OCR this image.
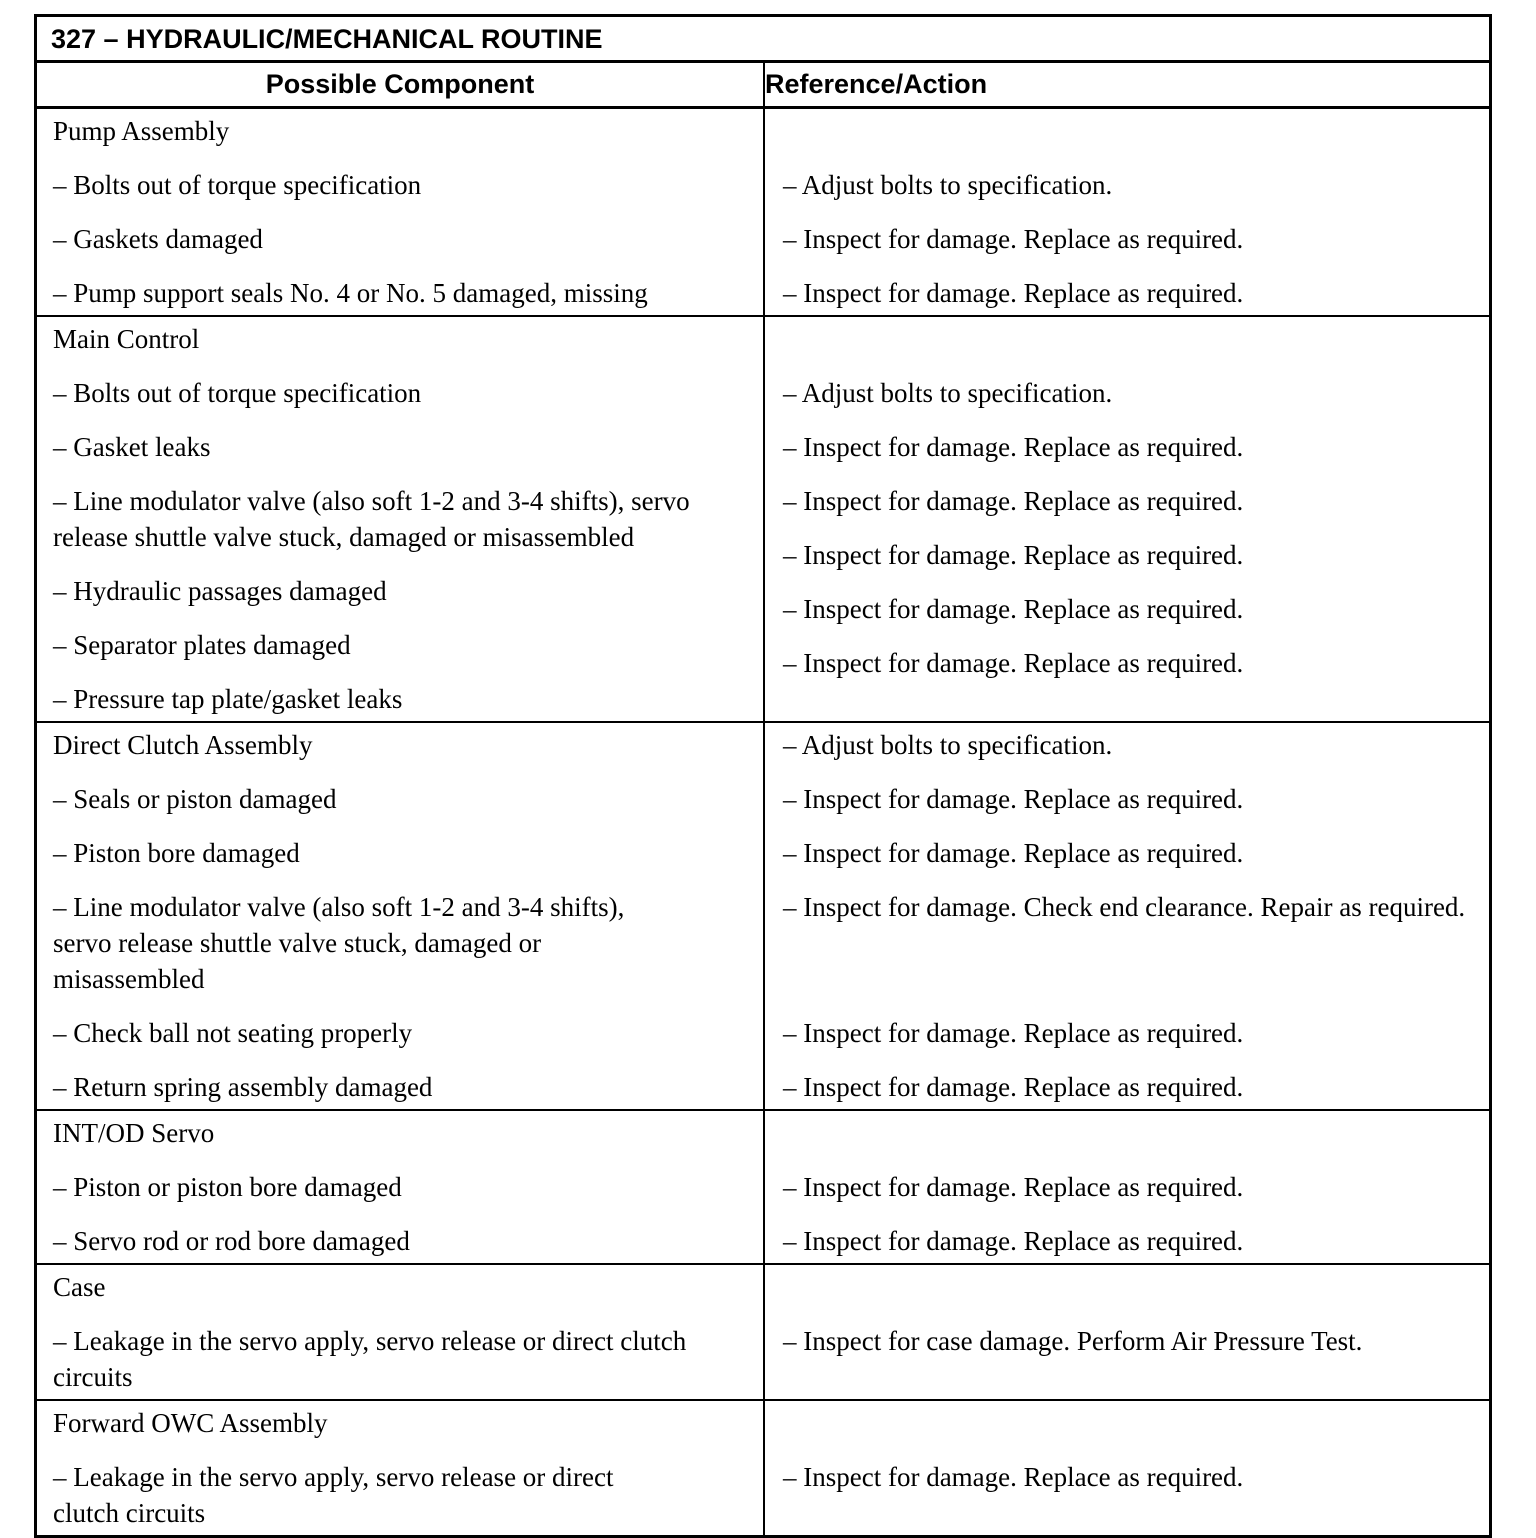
327 – HYDRAULIC/MECHANICAL ROUTINE
Possible Component	Reference/Action
Pump Assembly
– Bolts out of torque specification
– Gaskets damaged
– Pump support seals No. 4 or No. 5 damaged, missing
– Adjust bolts to specification.
– Inspect for damage. Replace as required.
– Inspect for damage. Replace as required.
Main Control
– Bolts out of torque specification
– Gasket leaks
– Line modulator valve (also soft 1-2 and 3-4 shifts), servo release shuttle valve stuck, damaged or misassembled
– Hydraulic passages damaged
– Separator plates damaged
– Pressure tap plate/gasket leaks
– Adjust bolts to specification.
– Inspect for damage. Replace as required.
– Inspect for damage. Replace as required.
– Inspect for damage. Replace as required.
– Inspect for damage. Replace as required.
– Inspect for damage. Replace as required.
Direct Clutch Assembly
– Seals or piston damaged
– Piston bore damaged
– Line modulator valve (also soft 1-2 and 3-4 shifts),
servo release shuttle valve stuck, damaged or
misassembled
– Check ball not seating properly
– Return spring assembly damaged
– Adjust bolts to specification.
– Inspect for damage. Replace as required.
– Inspect for damage. Replace as required.
– Inspect for damage. Check end clearance. Repair as required.
– Inspect for damage. Replace as required.
– Inspect for damage. Replace as required.
INT/OD Servo
– Piston or piston bore damaged
– Servo rod or rod bore damaged
– Inspect for damage. Replace as required.
– Inspect for damage. Replace as required.
Case
– Leakage in the servo apply, servo release or direct clutch circuits
– Inspect for case damage. Perform Air Pressure Test.
Forward OWC Assembly
– Leakage in the servo apply, servo release or direct
clutch circuits
– Inspect for damage. Replace as required.
